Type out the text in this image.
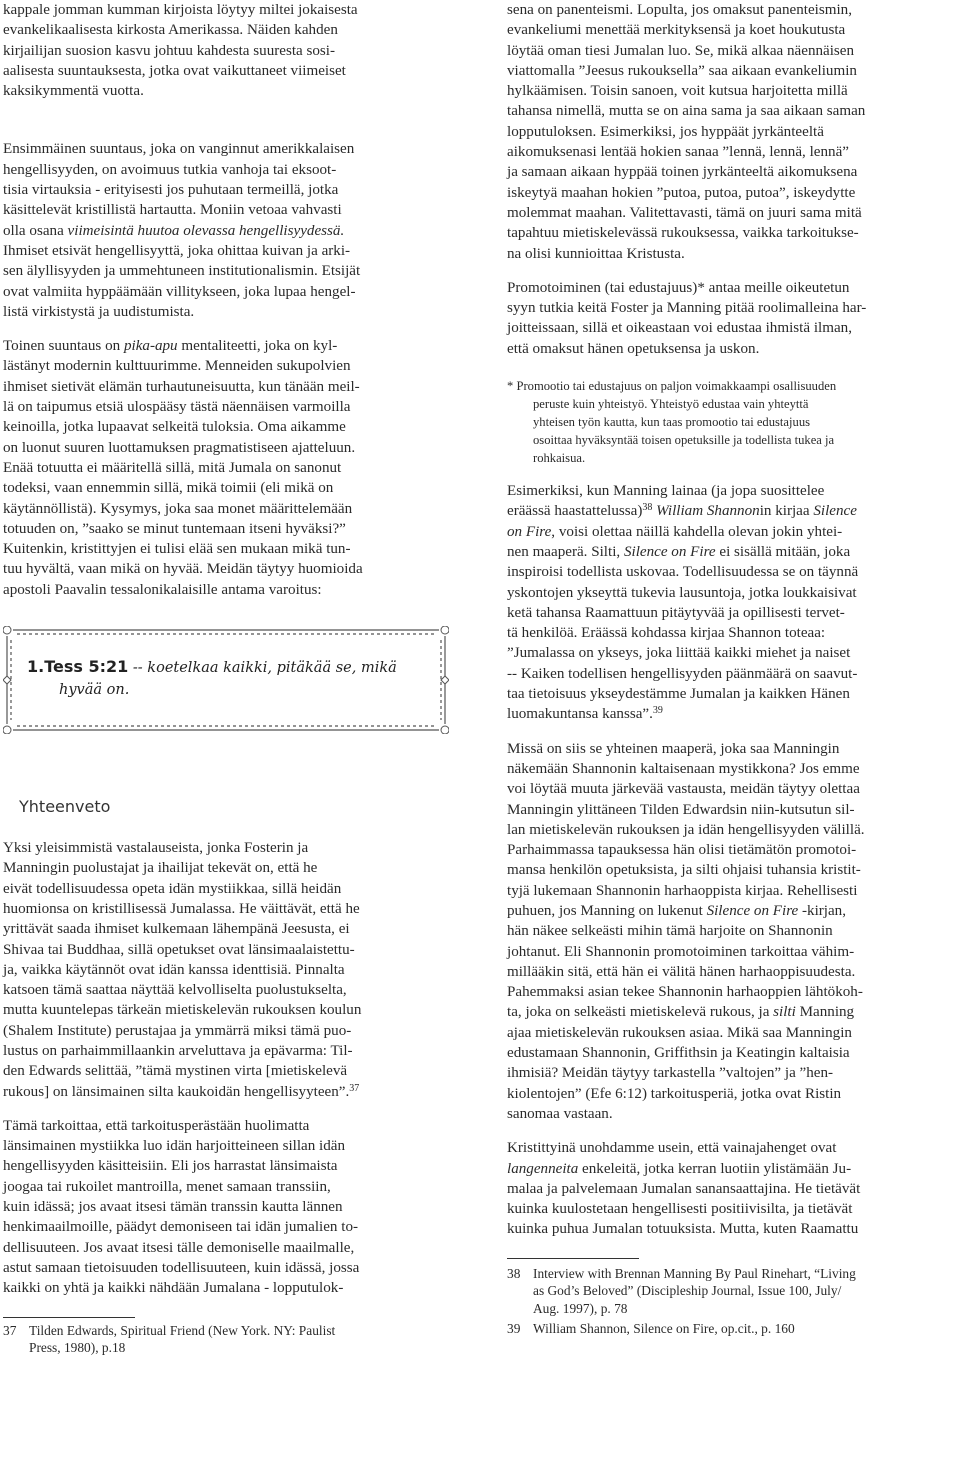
kappale jomman kumman kirjoista löytyy miltei jokaisesta
evankelikaalisesta kirkosta Amerikassa. Näiden kahden
kirjailijan suosion kasvu johtuu kahdesta suuresta sosi-
aalisesta suuntauksesta, jotka ovat vaikuttaneet viimeiset
kaksikymmentä vuotta.

Ensimmäinen suuntaus, joka on vanginnut amerikkalaisen
hengellisyyden, on avoimuus tutkia vanhoja tai eksoot-
tisia virtauksia - erityisesti jos puhutaan termeillä, jotka
käsittelevät kristillistä hartautta. Moniin vetoaa vahvasti
olla osana viimeisintä huutoa olevassa hengellisyydessä.
Ihmiset etsivät hengellisyyttä, joka ohittaa kuivan ja arki-
sen älyllisyyden ja ummehtuneen institutionalismin. Etsijät
ovat valmiita hyppäämään villitykseen, joka lupaa hengel-
listä virkistystä ja uudistumista.

Toinen suuntaus on pika-apu mentaliteetti, joka on kyl-
lästänyt modernin kulttuurimme. Menneiden sukupolvien
ihmiset sietivät elämän turhautuneisuutta, kun tänään meil-
lä on taipumus etsiä ulospääsy tästä näennäisen varmoilla
keinoilla, jotka lupaavat selkeitä tuloksia. Oma aikamme
on luonut suuren luottamuksen pragmatistiseen ajatteluun.
Enää totuutta ei määritellä sillä, mitä Jumala on sanonut
todeksi, vaan ennemmin sillä, mikä toimii (eli mikä on
käytännöllistä). Kysymys, joka saa monet määrittelemään
totuuden on, ”saako se minut tuntemaan itseni hyväksi?”
Kuitenkin, kristittyjen ei tulisi elää sen mukaan mikä tun-
tuu hyvältä, vaan mikä on hyvää. Meidän täytyy huomioida
apostoli Paavalin tessalonikalaisille antama varoitus:

1.Tess 5:21 -- koetelkaa kaikki, pitäkää se, mikä
hyvää on.
Yhteenveto

Yksi yleisimmistä vastalauseista, jonka Fosterin ja
Manningin puolustajat ja ihailijat tekevät on, että he
eivät todellisuudessa opeta idän mystiikkaa, sillä heidän
huomionsa on kristillisessä Jumalassa. He väittävät, että he
yrittävät saada ihmiset kulkemaan lähempänä Jeesusta, ei
Shivaa tai Buddhaa, sillä opetukset ovat länsimaalaistettu-
ja, vaikka käytännöt ovat idän kanssa identtisiä. Pinnalta
katsoen tämä saattaa näyttää kelvolliselta puolustukselta,
mutta kuuntelepas tärkeän mietiskelevän rukouksen koulun
(Shalem Institute) perustajaa ja ymmärrä miksi tämä puo-
lustus on parhaimmillaankin arveluttava ja epävarma: Til-
den Edwards selittää, ”tämä mystinen virta [mietiskelevä
rukous] on länsimainen silta kaukoidän hengellisyyteen”.$^{37}$

Tämä tarkoittaa, että tarkoitusperästään huolimatta
länsimainen mystiikka luo idän harjoitteineen sillan idän
hengellisyyden käsitteisiin. Eli jos harrastat länsimaista
joogaa tai rukoilet mantroilla, menet samaan transsiin,
kuin idässä; jos avaat itsesi tämän transsin kautta lännen
henkimaailmoille, päädyt demoniseen tai idän jumalien to-
dellisuuteen. Jos avaat itsesi tälle demoniselle maailmalle,
astut samaan tietoisuuden todellisuuteen, kuin idässä, jossa
kaikki on yhtä ja kaikki nähdään Jumalana - lopputulok-

37 Tilden Edwards, Spiritual Friend (New York. NY: Paulist
Press, 1980), p.18

sena on panenteismi. Lopulta, jos omaksut panenteismin,
evankeliumi menettää merkityksensä ja koet houkutusta
löytää oman tiesi Jumalan luo. Se, mikä alkaa näennäisen
viattomalla ”Jeesus rukouksella” saa aikaan evankeliumin
hylkäämisen. Toisin sanoen, voit kutsua harjoitetta millä
tahansa nimellä, mutta se on aina sama ja saa aikaan saman
lopputuloksen. Esimerkiksi, jos hyppäät jyrkänteeltä
aikomuksenasi lentää hokien sanaa ”lennä, lennä, lennä”
ja samaan aikaan hyppää toinen jyrkänteeltä aikomuksena
iskeytyä maahan hokien ”putoa, putoa, putoa”, iskeydytte
molemmat maahan. Valitettavasti, tämä on juuri sama mitä
tapahtuu mietiskelevässä rukouksessa, vaikka tarkoitukse-
na olisi kunnioittaa Kristusta.

Promotoiminen (tai edustajuus)* antaa meille oikeutetun
syyn tutkia keitä Foster ja Manning pitää roolimalleina har-
joitteissaan, sillä et oikeastaan voi edustaa ihmistä ilman,
että omaksut hänen opetuksensa ja uskon.

* Promootio tai edustajuus on paljon voimakkaampi osallisuuden
peruste kuin yhteistyö. Yhteistyö edustaa vain yhteyttä
yhteisen työn kautta, kun taas promootio tai edustajuus
osoittaa hyväksyntää toisen opetuksille ja todellista tukea ja
rohkaisua.

Esimerkiksi, kun Manning lainaa (ja jopa suosittelee
eräässä haastattelussa)$^{38}$ William Shannonin kirjaa Silence
on Fire, voisi olettaa näillä kahdella olevan jokin yhtei-
nen maaperä. Silti, Silence on Fire ei sisällä mitään, joka
inspiroisi todellista uskovaa. Todellisuudessa se on täynnä
yskontojen ykseyttä tukevia lausuntoja, jotka loukkaisivat
ketä tahansa Raamattuun pitäytyvää ja opillisesti tervet-
tä henkilöä. Eräässä kohdassa kirjaa Shannon toteaa:
”Jumalassa on ykseys, joka liittää kaikki miehet ja naiset
-- Kaiken todellisen hengellisyyden päänmäärä on saavut-
taa tietoisuus ykseydestämme Jumalan ja kaikken Hänen
luomakuntansa kanssa”.$^{39}$

Missä on siis se yhteinen maaperä, joka saa Manningin
näkemään Shannonin kaltaisenaan mystikkona? Jos emme
voi löytää muuta järkevää vastausta, meidän täytyy olettaa
Manningin ylittäneen Tilden Edwardsin niin-kutsutun sil-
lan mietiskelevän rukouksen ja idän hengellisyyden välillä.
Parhaimmassa tapauksessa hän olisi tietämätön promotoi-
mansa henkilön opetuksista, ja silti ohjaisi tuhansia kristit-
tyjä lukemaan Shannonin harhaoppista kirjaa. Rehellisesti
puhuen, jos Manning on lukenut Silence on Fire -kirjan,
hän näkee selkeästi mihin tämä harjoite on Shannonin
johtanut. Eli Shannonin promotoiminen tarkoittaa vähim-
millääkin sitä, että hän ei välitä hänen harhaoppisuudesta.
Pahemmaksi asian tekee Shannonin harhaoppien lähtökoh-
ta, joka on selkeästi mietiskelevä rukous, ja silti Manning
ajaa mietiskelevän rukouksen asiaa. Mikä saa Manningin
edustamaan Shannonin, Griffithsin ja Keatingin kaltaisia
ihmisiä? Meidän täytyy tarkastella ”valtojen” ja ”hen-
kiolentojen” (Efe 6:12) tarkoitusperiä, jotka ovat Ristin
sanomaa vastaan.

Kristittyinä unohdamme usein, että vainajahenget ovat
langenneita enkeleitä, jotka kerran luotiin ylistämään Ju-
malaa ja palvelemaan Jumalan sanansaattajina. He tietävät
kuinka kuulostetaan hengellisesti positiivisilta, ja tietävät
kuinka puhua Jumalan totuuksista. Mutta, kuten Raamattu

38 Interview with Brennan Manning By Paul Rinehart, “Living
as God’s Beloved” (Discipleship Journal, Issue 100, July/
Aug. 1997), p. 78
39 William Shannon, Silence on Fire, op.cit., p. 160
